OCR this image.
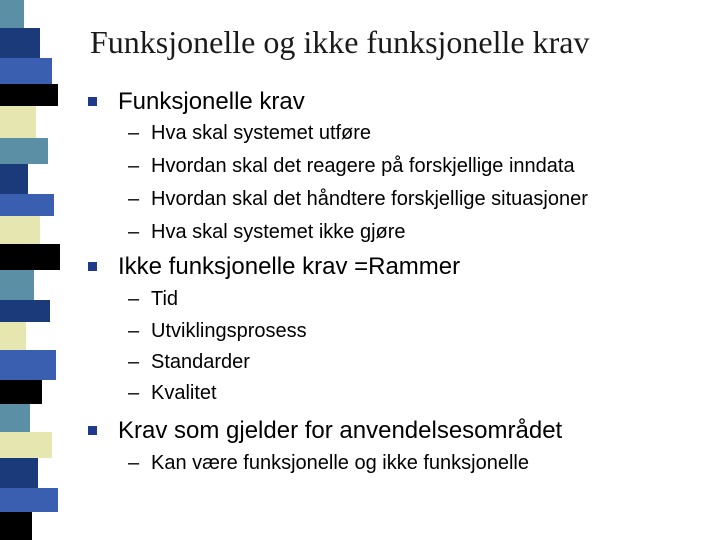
Funksjonelle og ikke funksjonelle krav
Funksjonelle krav
– Hva skal systemet utføre
– Hvordan skal det reagere på forskjellige inndata
– Hvordan skal det håndtere forskjellige situasjoner
– Hva skal systemet ikke gjøre
Ikke funksjonelle krav =Rammer
– Tid
– Utviklingsprosess
– Standarder
– Kvalitet
Krav som gjelder for anvendelsesområdet
– Kan være funksjonelle og ikke funksjonelle
